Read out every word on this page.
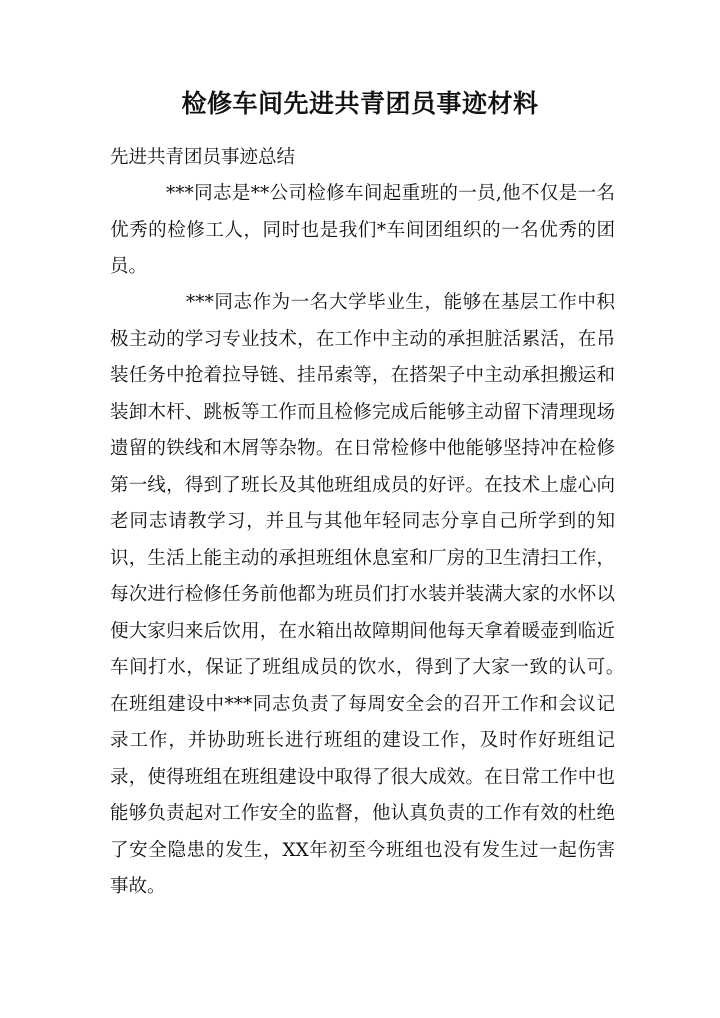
检修车间先进共青团员事迹材料
先进共青团员事迹总结

***同志是**公司检修车间起重班的一员,他不仅是一名优秀的检修工人，同时也是我们*车间团组织的一名优秀的团员。

***同志作为一名大学毕业生，能够在基层工作中积极主动的学习专业技术，在工作中主动的承担脏活累活，在吊装任务中抢着拉导链、挂吊索等，在搭架子中主动承担搬运和装卸木杆、跳板等工作而且检修完成后能够主动留下清理现场遗留的铁线和木屑等杂物。在日常检修中他能够坚持冲在检修第一线，得到了班长及其他班组成员的好评。在技术上虚心向老同志请教学习，并且与其他年轻同志分享自己所学到的知识，生活上能主动的承担班组休息室和厂房的卫生清扫工作，每次进行检修任务前他都为班员们打水装并装满大家的水怀以便大家归来后饮用，在水箱出故障期间他每天拿着暖壶到临近车间打水，保证了班组成员的饮水，得到了大家一致的认可。　在班组建设中***同志负责了每周安全会的召开工作和会议记录工作，并协助班长进行班组的建设工作，及时作好班组记录，使得班组在班组建设中取得了很大成效。在日常工作中也能够负责起对工作安全的监督，他认真负责的工作有效的杜绝了安全隐患的发生，XX年初至今班组也没有发生过一起伤害事故。
